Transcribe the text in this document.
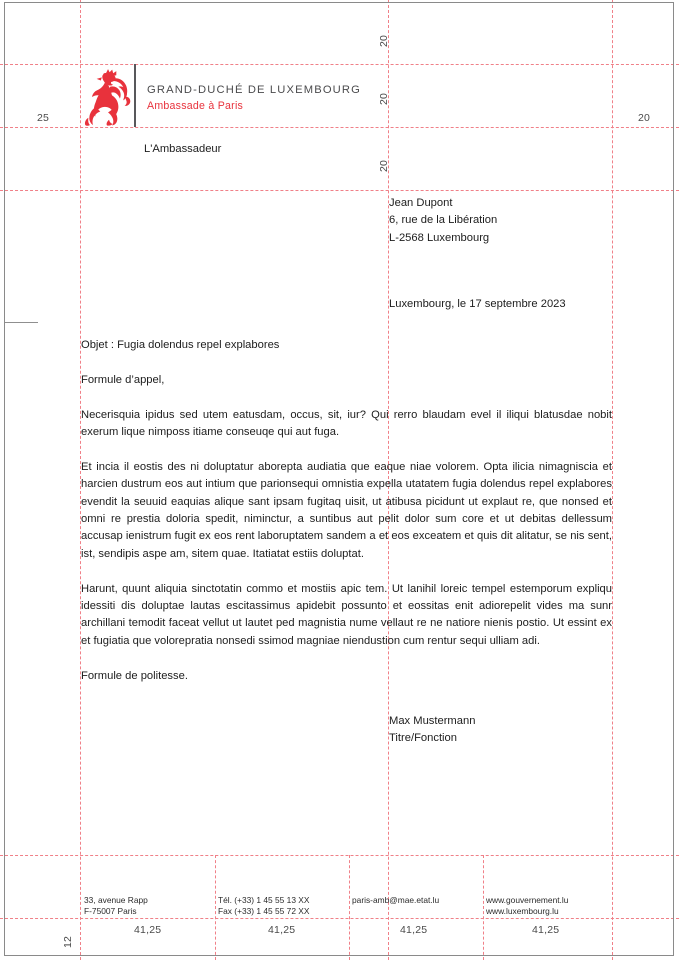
GRAND-DUCHÉ DE LUXEMBOURG
Ambassade à Paris
L'Ambassadeur
Jean Dupont
6, rue de la Libération
L-2568 Luxembourg
Luxembourg, le 17 septembre 2023

Objet : Fugia dolendus repel explabores

Formule d’appel,

Necerisquia ipidus sed utem eatusdam, occus, sit, iur? Qui rerro blaudam evel il iliqui blatusdae nobit exerum lique nimposs itiame conseuqe qui aut fuga.

Et incia il eostis des ni doluptatur aborepta audiatia que eaque niae volorem. Opta ilicia nimagniscia et harcien dustrum eos aut intium que parionsequi omnistia expella utatatem fugia dolendus repel explabores evendit la seuuid eaquias alique sant ipsam fugitaq uisit, ut atibusa picidunt ut explaut re, que nonsed et omni re prestia doloria spedit, niminctur, a suntibus aut pelit dolor sum core et ut debitas dellessum accusap ienistrum fugit ex eos rent laboruptatem sandem a et eos exceatem et quis dit alitatur, se nis sent, ist, sendipis aspe am, sitem quae. Itatiatat estiis doluptat.

Harunt, quunt aliquia sinctotatin commo et mostiis apic tem. Ut lanihil loreic tempel estemporum expliqu idessiti dis doluptae lautas escitassimus apidebit possunto et eossitas enit adiorepelit vides ma sunr archillani temodit faceat vellut ut lautet ped magnistia nume vellaut re ne natiore nienis postio. Ut essint ex et fugiatia que volorepratia nonsedi ssimod magniae niendustion cum rentur sequi ulliam adi.

Formule de politesse.

Max Mustermann
Titre/Fonction
33, avenue Rapp
F-75007 Paris
Tél. (+33) 1 45 55 13 XX
Fax (+33) 1 45 55 72 XX
paris-amb@mae.etat.lu	www.gouvernement.lu
www.luxembourg.lu
25	20
20
20
20
12
41,25	41,25	41,25	41,25
